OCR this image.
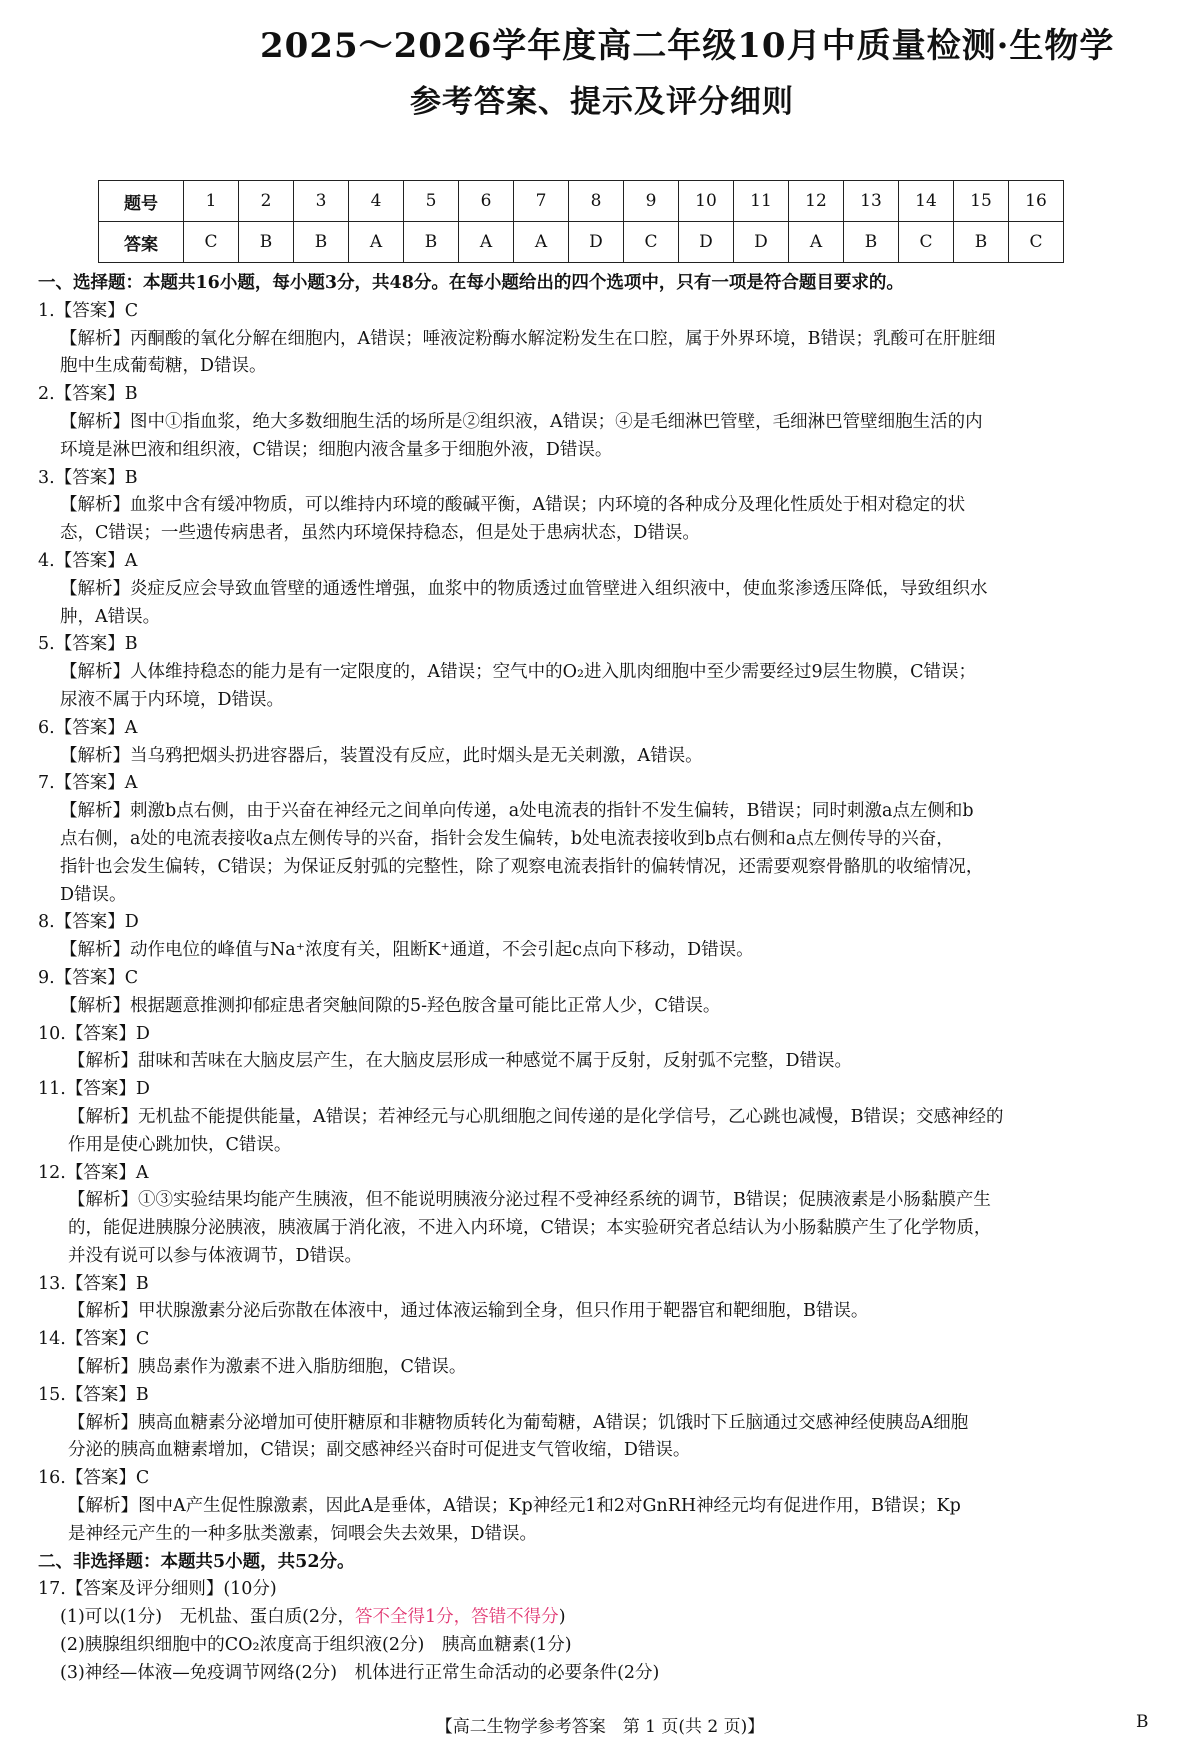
2025～2026学年度高二年级10月中质量检测·生物学
参考答案、提示及评分细则
题号	1	2	3	4	5	6	7	8	9	10	11	12	13	14	15	16
答案	C	B	B	A	B	A	A	D	C	D	D	A	B	C	B	C
一、选择题：本题共16小题，每小题3分，共48分。在每小题给出的四个选项中，只有一项是符合题目要求的。
1.【答案】C
【解析】丙酮酸的氧化分解在细胞内，A错误；唾液淀粉酶水解淀粉发生在口腔，属于外界环境，B错误；乳酸可在肝脏细
胞中生成葡萄糖，D错误。
2.【答案】B
【解析】图中①指血浆，绝大多数细胞生活的场所是②组织液，A错误；④是毛细淋巴管壁，毛细淋巴管壁细胞生活的内
环境是淋巴液和组织液，C错误；细胞内液含量多于细胞外液，D错误。
3.【答案】B
【解析】血浆中含有缓冲物质，可以维持内环境的酸碱平衡，A错误；内环境的各种成分及理化性质处于相对稳定的状
态，C错误；一些遗传病患者，虽然内环境保持稳态，但是处于患病状态，D错误。
4.【答案】A
【解析】炎症反应会导致血管壁的通透性增强，血浆中的物质透过血管壁进入组织液中，使血浆渗透压降低，导致组织水
肿，A错误。
5.【答案】B
【解析】人体维持稳态的能力是有一定限度的，A错误；空气中的O₂进入肌肉细胞中至少需要经过9层生物膜，C错误；
尿液不属于内环境，D错误。
6.【答案】A
【解析】当乌鸦把烟头扔进容器后，装置没有反应，此时烟头是无关刺激，A错误。
7.【答案】A
【解析】刺激b点右侧，由于兴奋在神经元之间单向传递，a处电流表的指针不发生偏转，B错误；同时刺激a点左侧和b
点右侧，a处的电流表接收a点左侧传导的兴奋，指针会发生偏转，b处电流表接收到b点右侧和a点左侧传导的兴奋，
指针也会发生偏转，C错误；为保证反射弧的完整性，除了观察电流表指针的偏转情况，还需要观察骨骼肌的收缩情况，
D错误。
8.【答案】D
【解析】动作电位的峰值与Na⁺浓度有关，阻断K⁺通道，不会引起c点向下移动，D错误。
9.【答案】C
【解析】根据题意推测抑郁症患者突触间隙的5-羟色胺含量可能比正常人少，C错误。
10.【答案】D
【解析】甜味和苦味在大脑皮层产生，在大脑皮层形成一种感觉不属于反射，反射弧不完整，D错误。
11.【答案】D
【解析】无机盐不能提供能量，A错误；若神经元与心肌细胞之间传递的是化学信号，乙心跳也减慢，B错误；交感神经的
作用是使心跳加快，C错误。
12.【答案】A
【解析】①③实验结果均能产生胰液，但不能说明胰液分泌过程不受神经系统的调节，B错误；促胰液素是小肠黏膜产生
的，能促进胰腺分泌胰液，胰液属于消化液，不进入内环境，C错误；本实验研究者总结认为小肠黏膜产生了化学物质，
并没有说可以参与体液调节，D错误。
13.【答案】B
【解析】甲状腺激素分泌后弥散在体液中，通过体液运输到全身，但只作用于靶器官和靶细胞，B错误。
14.【答案】C
【解析】胰岛素作为激素不进入脂肪细胞，C错误。
15.【答案】B
【解析】胰高血糖素分泌增加可使肝糖原和非糖物质转化为葡萄糖，A错误；饥饿时下丘脑通过交感神经使胰岛A细胞
分泌的胰高血糖素增加，C错误；副交感神经兴奋时可促进支气管收缩，D错误。
16.【答案】C
【解析】图中A产生促性腺激素，因此A是垂体，A错误；Kp神经元1和2对GnRH神经元均有促进作用，B错误；Kp
是神经元产生的一种多肽类激素，饲喂会失去效果，D错误。
二、非选择题：本题共5小题，共52分。
17.【答案及评分细则】(10分)
(1)可以(1分)　无机盐、蛋白质(2分，答不全得1分，答错不得分)
(2)胰腺组织细胞中的CO₂浓度高于组织液(2分)　胰高血糖素(1分)
(3)神经—体液—免疫调节网络(2分)　机体进行正常生命活动的必要条件(2分)
【高二生物学参考答案　第 1 页(共 2 页)】	B
